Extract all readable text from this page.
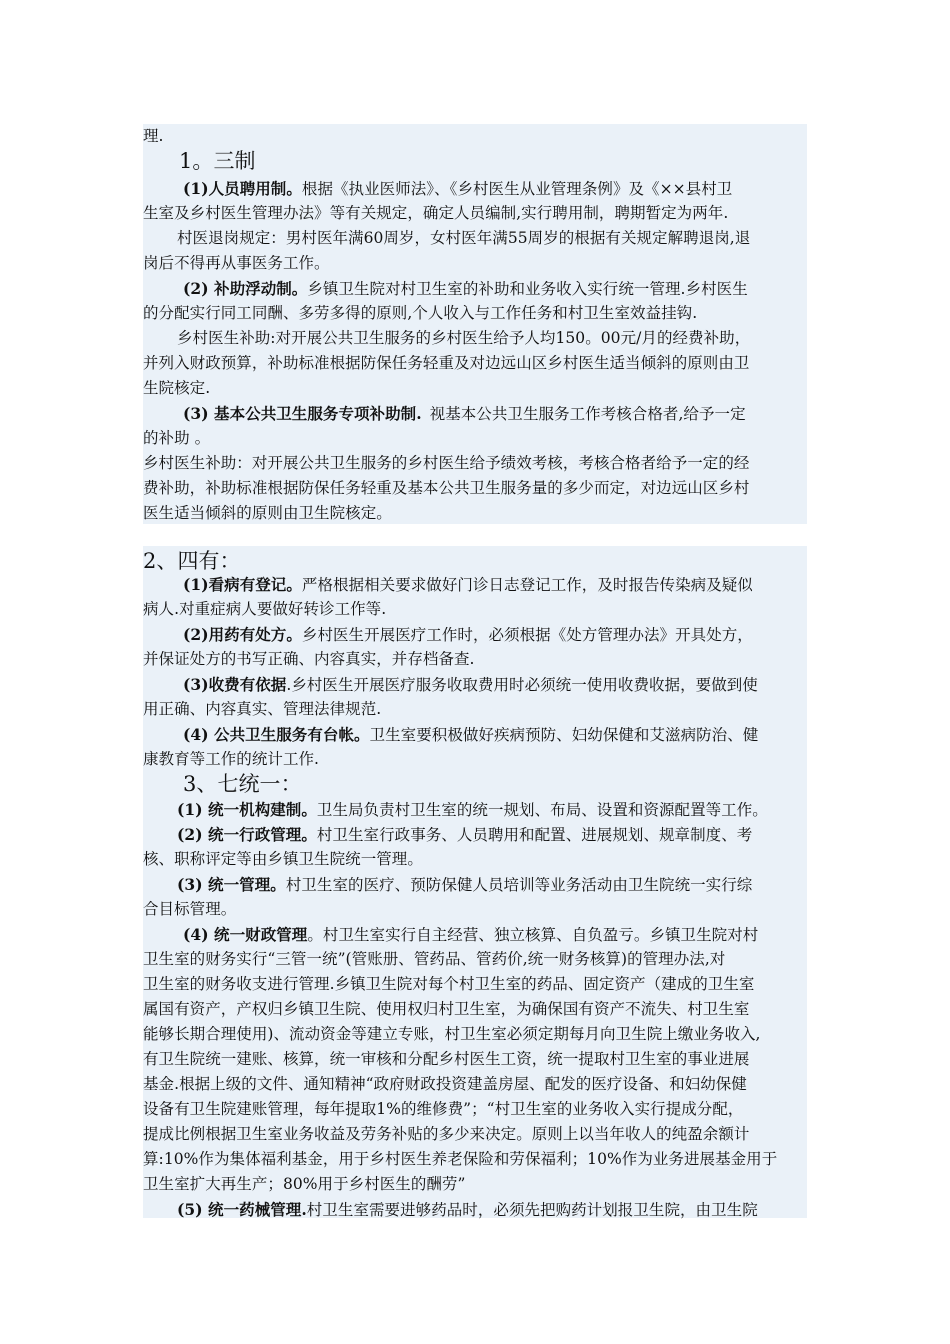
理.
1。三制
(1)人员聘用制。根据《执业医师法》、《乡村医生从业管理条例》及《××县村卫
生室及乡村医生管理办法》等有关规定，确定人员编制,实行聘用制，聘期暂定为两年.
村医退岗规定：男村医年满60周岁，女村医年满55周岁的根据有关规定解聘退岗,退
岗后不得再从事医务工作。
(2) 补助浮动制。乡镇卫生院对村卫生室的补助和业务收入实行统一管理.乡村医生
的分配实行同工同酬、多劳多得的原则,个人收入与工作任务和村卫生室效益挂钩.
乡村医生补助:对开展公共卫生服务的乡村医生给予人均150。00元/月的经费补助，
并列入财政预算，补助标准根据防保任务轻重及对边远山区乡村医生适当倾斜的原则由卫
生院核定.
(3) 基本公共卫生服务专项补助制. 视基本公共卫生服务工作考核合格者,给予一定
的补助 。
乡村医生补助：对开展公共卫生服务的乡村医生给予绩效考核，考核合格者给予一定的经
费补助，补助标准根据防保任务轻重及基本公共卫生服务量的多少而定，对边远山区乡村
医生适当倾斜的原则由卫生院核定。
2、四有：
(1)看病有登记。严格根据相关要求做好门诊日志登记工作，及时报告传染病及疑似
病人.对重症病人要做好转诊工作等.
(2)用药有处方。乡村医生开展医疗工作时，必须根据《处方管理办法》开具处方，
并保证处方的书写正确、内容真实，并存档备查.
(3)收费有依据.乡村医生开展医疗服务收取费用时必须统一使用收费收据，要做到使
用正确、内容真实、管理法律规范.
(4) 公共卫生服务有台帐。卫生室要积极做好疾病预防、妇幼保健和艾滋病防治、健
康教育等工作的统计工作.
3、七统一：
(1) 统一机构建制。卫生局负责村卫生室的统一规划、布局、设置和资源配置等工作。
(2) 统一行政管理。村卫生室行政事务、人员聘用和配置、进展规划、规章制度、考
核、职称评定等由乡镇卫生院统一管理。
(3) 统一管理。村卫生室的医疗、预防保健人员培训等业务活动由卫生院统一实行综
合目标管理。
(4) 统一财政管理。村卫生室实行自主经营、独立核算、自负盈亏。乡镇卫生院对村
卫生室的财务实行“三管一统”(管账册、管药品、管药价,统一财务核算)的管理办法,对
卫生室的财务收支进行管理.乡镇卫生院对每个村卫生室的药品、固定资产（建成的卫生室
属国有资产，产权归乡镇卫生院、使用权归村卫生室，为确保国有资产不流失、村卫生室
能够长期合理使用)、流动资金等建立专账，村卫生室必须定期每月向卫生院上缴业务收入,
有卫生院统一建账、核算，统一审核和分配乡村医生工资，统一提取村卫生室的事业进展
基金.根据上级的文件、通知精神“政府财政投资建盖房屋、配发的医疗设备、和妇幼保健
设备有卫生院建账管理，每年提取1%的维修费”；“村卫生室的业务收入实行提成分配，
提成比例根据卫生室业务收益及劳务补贴的多少来决定。原则上以当年收人的纯盈余额计
算:10%作为集体福利基金，用于乡村医生养老保险和劳保福利；10%作为业务进展基金用于
卫生室扩大再生产；80%用于乡村医生的酬劳”
(5) 统一药械管理.村卫生室需要进够药品时，必须先把购药计划报卫生院，由卫生院
